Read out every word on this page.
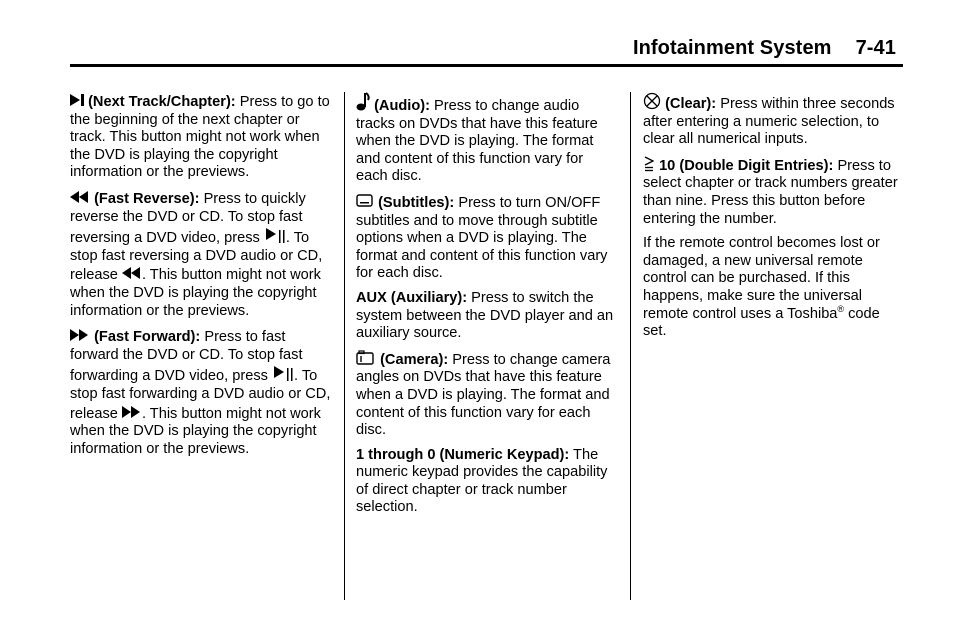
Infotainment System 7-41

(Next Track/Chapter): Press to go to the beginning of the next chapter or track. This button might not work when the DVD is playing the copyright information or the previews.

(Fast Reverse): Press to quickly reverse the DVD or CD. To stop fast reversing a DVD video, press . To stop fast reversing a DVD audio or CD, release . This button might not work when the DVD is playing the copyright information or the previews.

(Fast Forward): Press to fast forward the DVD or CD. To stop fast forwarding a DVD video, press . To stop fast forwarding a DVD audio or CD, release . This button might not work when the DVD is playing the copyright information or the previews.

(Audio): Press to change audio tracks on DVDs that have this feature when the DVD is playing. The format and content of this function vary for each disc.

(Subtitles): Press to turn ON/OFF subtitles and to move through subtitle options when a DVD is playing. The format and content of this function vary for each disc.

AUX (Auxiliary): Press to switch the system between the DVD player and an auxiliary source.

(Camera): Press to change camera angles on DVDs that have this feature when a DVD is playing. The format and content of this function vary for each disc.

1 through 0 (Numeric Keypad): The numeric keypad provides the capability of direct chapter or track number selection.

(Clear): Press within three seconds after entering a numeric selection, to clear all numerical inputs.

10 (Double Digit Entries): Press to select chapter or track numbers greater than nine. Press this button before entering the number.

If the remote control becomes lost or damaged, a new universal remote control can be purchased. If this happens, make sure the universal remote control uses a Toshiba® code set.
